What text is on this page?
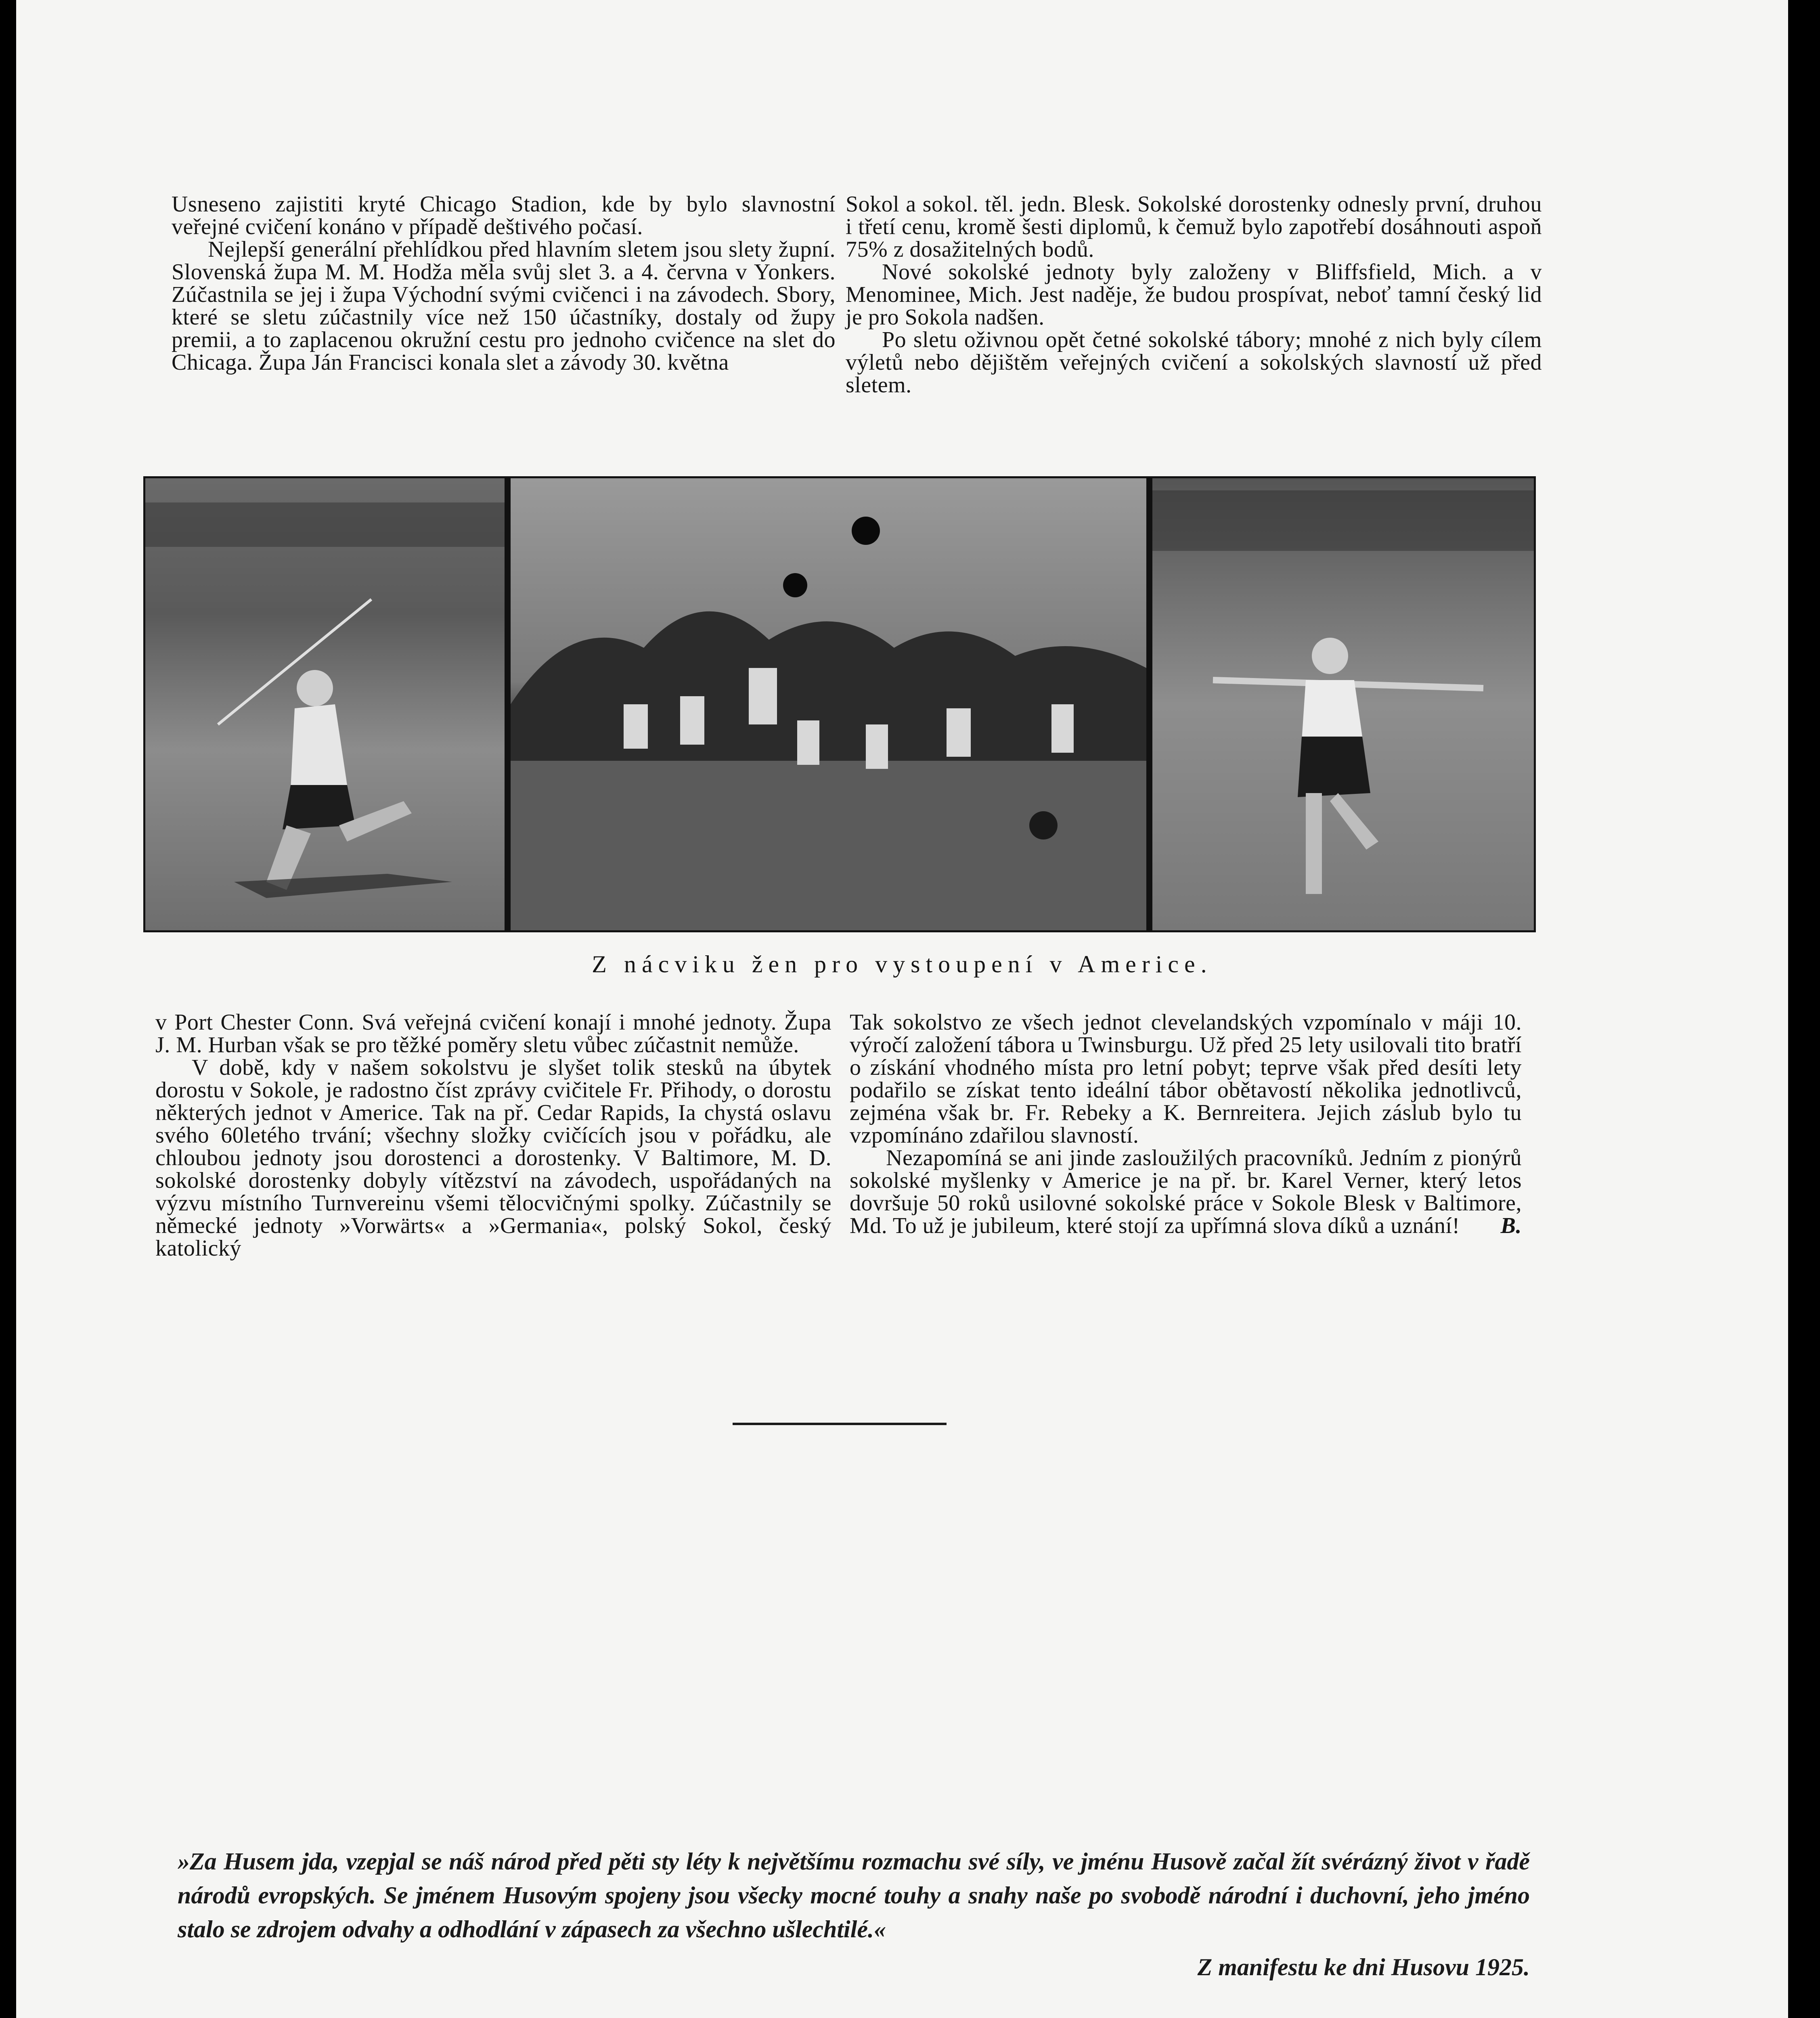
Usneseno zajistiti kryté Chicago Stadion, kde by bylo slavnostní veřejné cvičení konáno v případě deštivého počasí.

Nejlepší generální přehlídkou před hlavním sletem jsou slety župní. Slovenská župa M. M. Hodža měla svůj slet 3. a 4. června v Yonkers. Zúčastnila se jej i župa Východní svými cvičenci i na závodech. Sbory, které se sletu zúčastnily více než 150 účastníky, dostaly od župy premii, a to zaplacenou okružní cestu pro jednoho cvičence na slet do Chicaga. Župa Ján Francisci konala slet a závody 30. května

Sokol a sokol. těl. jedn. Blesk. Sokolské dorostenky odnesly první, druhou i třetí cenu, kromě šesti diplomů, k čemuž bylo zapotřebí dosáhnouti aspoň 75% z dosažitelných bodů.

Nové sokolské jednoty byly založeny v Bliffsfield, Mich. a v Menominee, Mich. Jest naděje, že budou prospívat, neboť tamní český lid je pro Sokola nadšen.

Po sletu oživnou opět četné sokolské tábory; mnohé z nich byly cílem výletů nebo dějištěm veřejných cvičení a sokolských slavností už před sletem.

Z nácviku žen pro vystoupení v Americe.

v Port Chester Conn. Svá veřejná cvičení konají i mnohé jednoty. Župa J. M. Hurban však se pro těžké poměry sletu vůbec zúčastnit nemůže.

V době, kdy v našem sokolstvu je slyšet tolik stesků na úbytek dorostu v Sokole, je radostno číst zprávy cvičitele Fr. Přihody, o dorostu některých jednot v Americe. Tak na př. Cedar Rapids, Ia chystá oslavu svého 60letého trvání; všechny složky cvičících jsou v pořádku, ale chloubou jednoty jsou dorostenci a dorostenky. V Baltimore, M. D. sokolské dorostenky dobyly vítězství na závodech, uspořádaných na výzvu místního Turnvereinu všemi tělocvičnými spolky. Zúčastnily se německé jednoty »Vorwärts« a »Germania«, polský Sokol, český katolický

Tak sokolstvo ze všech jednot clevelandských vzpomínalo v máji 10. výročí založení tábora u Twinsburgu. Už před 25 lety usilovali tito bratří o získání vhodného místa pro letní pobyt; teprve však před desíti lety podařilo se získat tento ideální tábor obětavostí několika jednotlivců, zejména však br. Fr. Rebeky a K. Bernreitera. Jejich záslub bylo tu vzpomínáno zdařilou slavností.

Nezapomíná se ani jinde zasloužilých pracovníků. Jedním z pionýrů sokolské myšlenky v Americe je na př. br. Karel Verner, který letos dovršuje 50 roků usilovné sokolské práce v Sokole Blesk v Baltimore, Md. To už je jubileum, které stojí za upřímná slova díků a uznání!	B.

»Za Husem jda, vzepjal se náš národ před pěti sty léty k největšímu rozmachu své síly, ve jménu Husově začal žít svérázný život v řadě národů evropských. Se jménem Husovým spojeny jsou všecky mocné touhy a snahy naše po svobodě národní i duchovní, jeho jméno stalo se zdrojem odvahy a odhodlání v zápasech za všechno ušlechtilé.«

Z manifestu ke dni Husovu 1925.
